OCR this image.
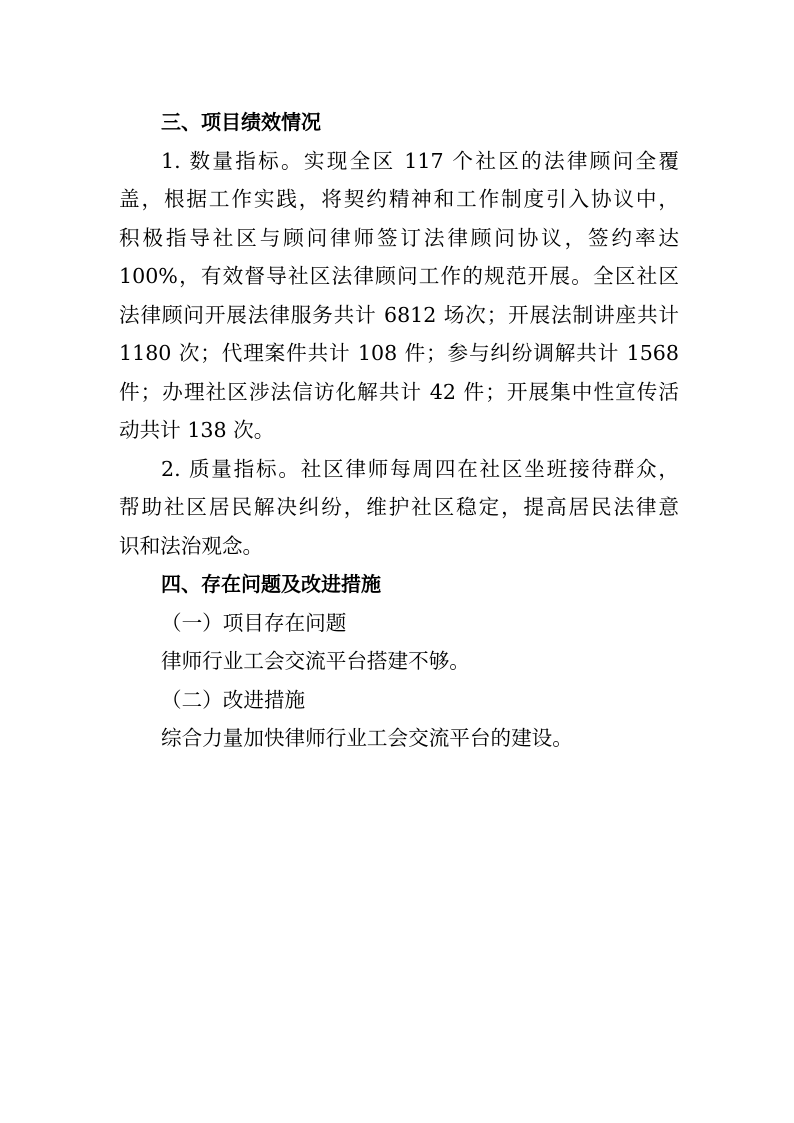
三、项目绩效情况
1. 数量指标。实现全区 117 个社区的法律顾问全覆
盖，根据工作实践，将契约精神和工作制度引入协议中，
积极指导社区与顾问律师签订法律顾问协议，签约率达
100%，有效督导社区法律顾问工作的规范开展。全区社区
法律顾问开展法律服务共计 6812 场次；开展法制讲座共计
1180 次；代理案件共计 108 件；参与纠纷调解共计 1568
件；办理社区涉法信访化解共计 42 件；开展集中性宣传活
动共计 138 次。
2. 质量指标。社区律师每周四在社区坐班接待群众，
帮助社区居民解决纠纷，维护社区稳定，提高居民法律意
识和法治观念。
四、存在问题及改进措施
（一）项目存在问题
律师行业工会交流平台搭建不够。
（二）改进措施
综合力量加快律师行业工会交流平台的建设。
